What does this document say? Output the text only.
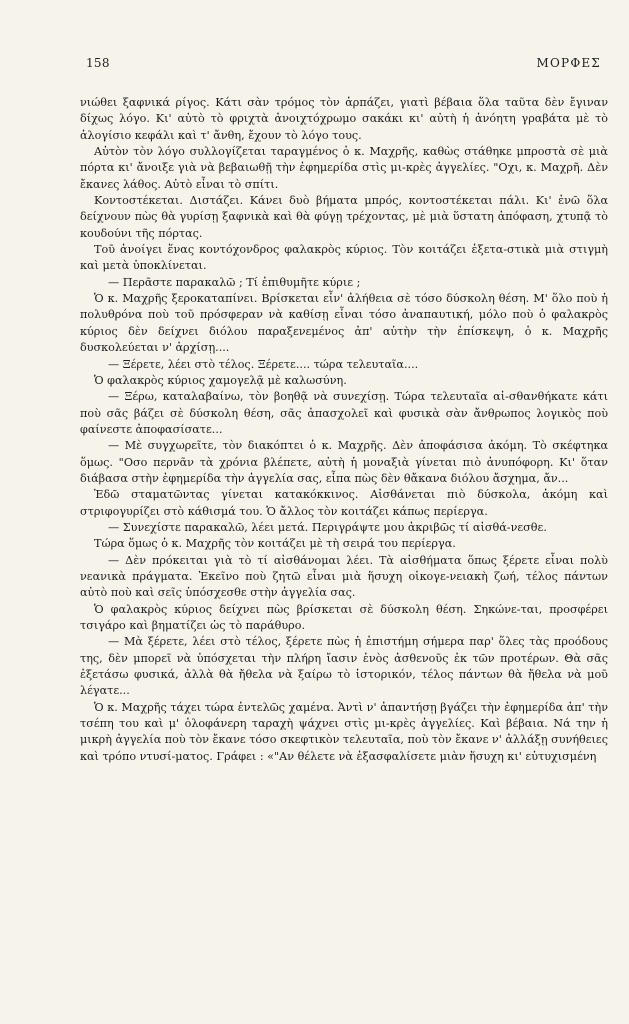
158	ΜΟΡΦΕΣ

νιώθει ξαφνικά ρίγος. Κάτι σὰν τρόμος τὸν ἁρπάζει, γιατὶ βέβαια ὅλα ταῦτα δὲν ἔγιναν δίχως λόγο. Κι' αὐτὸ τὸ φριχτὰ ἀνοιχτόχρωμο σακάκι κι' αὐτὴ ἡ ἀνόητη γραβάτα μὲ τὸ ἀλογίσιο κεφάλι καὶ τ' ἄνθη, ἔχουν τὸ λόγο τους.

Αὐτὸν τὸν λόγο συλλογίζεται ταραγμένος ὁ κ. Μαχρῆς, καθὼς στάθηκε μπροστὰ σὲ μιὰ πόρτα κι' ἄνοιξε γιὰ νὰ βεβαιωθῇ τὴν ἐφημερίδα στὶς μι-κρὲς ἀγγελίες. "Οχι, κ. Μαχρῆ. Δὲν ἔκανες λάθος. Αὐτὸ εἶναι τὸ σπίτι.

Κοντοστέκεται. Διστάζει. Κάνει δυὸ βήματα μπρός, κοντοστέκεται πάλι. Κι' ἐνῶ ὅλα δείχνουν πὼς θὰ γυρίσῃ ξαφνικὰ καὶ θὰ φύγῃ τρέχοντας, μὲ μιὰ ὕστατη ἀπόφαση, χτυπᾷ τὸ κουδούνι τῆς πόρτας.

Τοῦ ἀνοίγει ἕνας κοντόχονδρος φαλακρὸς κύριος. Τὸν κοιτάζει ἐξετα-στικὰ μιὰ στιγμὴ καὶ μετὰ ὑποκλίνεται.

— Περᾶστε παρακαλῶ ; Τί ἐπιθυμῆτε κύριε ;

Ὁ κ. Μαχρῆς ξεροκαταπίνει. Βρίσκεται εἶν' ἀλήθεια σὲ τόσο δύσκολη θέση. Μ' ὅλο ποὺ ἡ πολυθρόνα ποὺ τοῦ πρόσφεραν νὰ καθίσῃ εἶναι τόσο ἀναπαυτική, μόλο ποὺ ὁ φαλακρὸς κύριος δὲν δείχνει διόλου παραξενεμένος ἀπ' αὐτὴν τὴν ἐπίσκεψη, ὁ κ. Μαχρῆς δυσκολεύεται ν' ἀρχίσῃ....

— Ξέρετε, λέει στὸ τέλος. Ξέρετε.... τώρα τελευταῖα....

Ὁ φαλακρὸς κύριος χαμογελᾷ μὲ καλωσύνη.

— Ξέρω, καταλαβαίνω, τὸν βοηθᾷ νὰ συνεχίσῃ. Τώρα τελευταῖα αἰ-σθανθήκατε κάτι ποὺ σᾶς βάζει σὲ δύσκολη θέση, σᾶς ἀπασχολεῖ καὶ φυσικὰ σὰν ἄνθρωπος λογικὸς ποὺ φαίνεστε ἀποφασίσατε...

— Μὲ συγχωρεῖτε, τὸν διακόπτει ὁ κ. Μαχρῆς. Δὲν ἀποφάσισα ἀκόμη. Τὸ σκέφτηκα ὅμως. "Οσο περνᾶν τὰ χρόνια βλέπετε, αὐτὴ ἡ μοναξιὰ γίνεται πιὸ ἀνυπόφορη. Κι' ὅταν διάβασα στὴν ἐφημερίδα τὴν ἀγγελία σας, εἶπα πὼς δὲν θἄκανα διόλου ἄσχημα, ἄν...

Ἐδῶ σταματῶντας γίνεται κατακόκκινος. Αἰσθάνεται πιὸ δύσκολα, ἀκόμη καὶ στριφογυρίζει στὸ κάθισμά του. Ὁ ἄλλος τὸν κοιτάζει κάπως περίεργα.

— Συνεχίστε παρακαλῶ, λέει μετά. Περιγράψτε μου ἀκριβῶς τί αἰσθά-νεσθε.

Τώρα ὅμως ὁ κ. Μαχρῆς τὸν κοιτάζει μὲ τὴ σειρά του περίεργα.

— Δὲν πρόκειται γιὰ τὸ τί αἰσθάνομαι λέει. Τὰ αἰσθήματα ὅπως ξέρετε εἶναι πολὺ νεανικὰ πράγματα. Ἐκεῖνο ποὺ ζητῶ εἶναι μιὰ ἥσυχη οἰκογε-νειακὴ ζωή, τέλος πάντων αὐτὸ ποὺ καὶ σεῖς ὑπόσχεσθε στὴν ἀγγελία σας.

Ὁ φαλακρὸς κύριος δείχνει πὼς βρίσκεται σὲ δύσκολη θέση. Σηκώνε-ται, προσφέρει τσιγάρο καὶ βηματίζει ὡς τὸ παράθυρο.

— Μὰ ξέρετε, λέει στὸ τέλος, ξέρετε πὼς ἡ ἐπιστήμη σήμερα παρ' ὅλες τὰς προόδους της, δὲν μπορεῖ νὰ ὑπόσχεται τὴν πλήρη ἴασιν ἑνὸς ἀσθενοῦς ἐκ τῶν προτέρων. Θὰ σᾶς ἐξετάσω φυσικά, ἀλλὰ θὰ ἤθελα νὰ ξαίρω τὸ ἱστορικόν, τέλος πάντων θὰ ἤθελα νὰ μοῦ λέγατε...

Ὁ κ. Μαχρῆς τάχει τώρα ἐντελῶς χαμένα. Ἀντὶ ν' ἀπαντήσῃ βγάζει τὴν ἐφημερίδα ἀπ' τὴν τσέπη του καὶ μ' ὁλοφάνερη ταραχὴ ψάχνει στὶς μι-κρὲς ἀγγελίες. Καὶ βέβαια. Νά την ἡ μικρὴ ἀγγελία ποὺ τὸν ἔκανε τόσο σκεφτικὸν τελευταῖα, ποὺ τὸν ἔκανε ν' ἀλλάξῃ συνήθειες καὶ τρόπο ντυσί-ματος. Γράφει : «"Αν θέλετε νὰ ἐξασφαλίσετε μιὰν ἥσυχη κι' εὐτυχισμένη
